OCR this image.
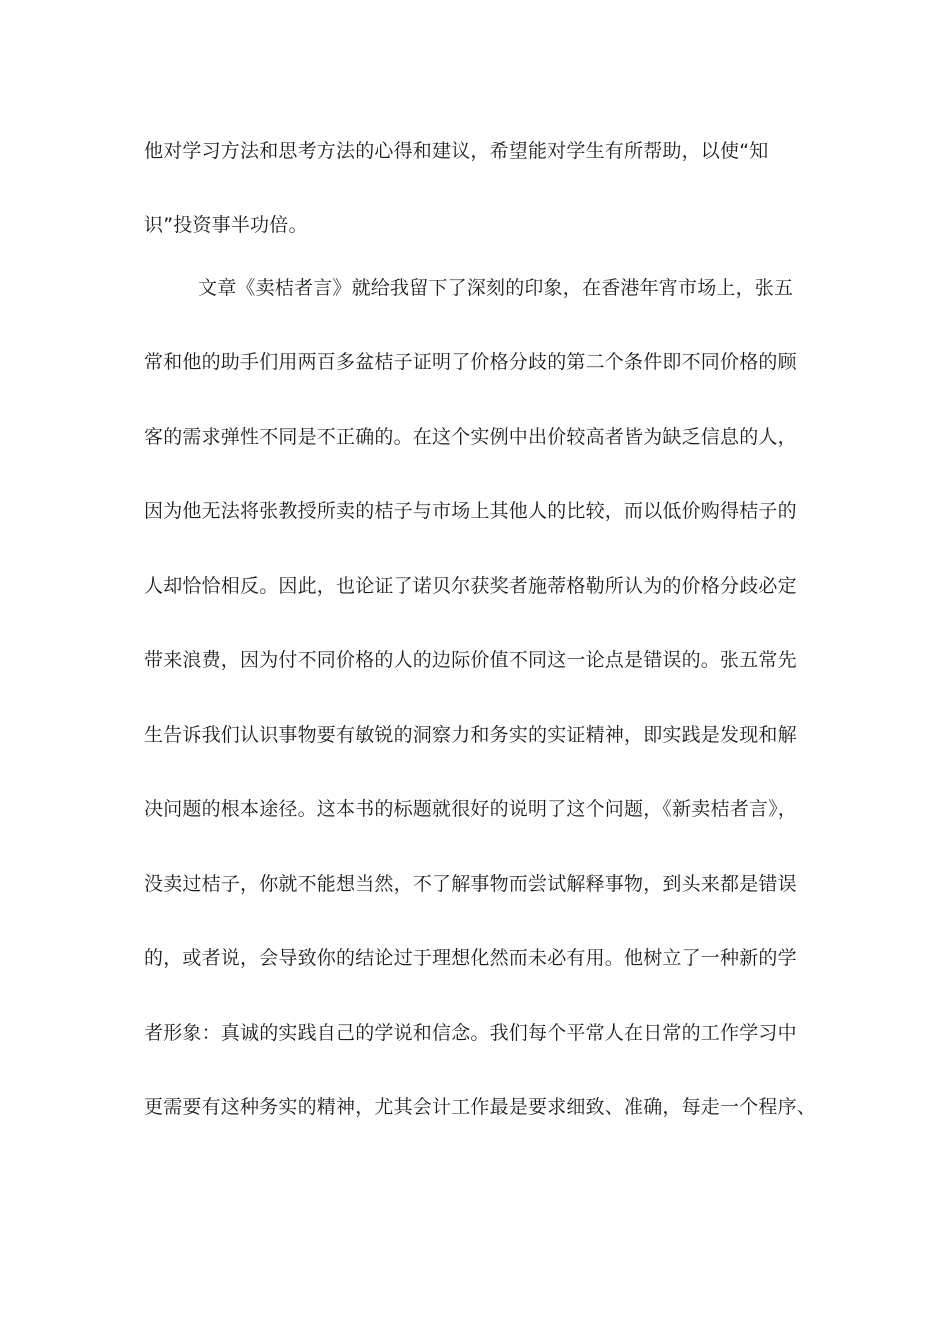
他对学习方法和思考方法的心得和建议，希望能对学生有所帮助，以使“知
识”投资事半功倍。
文章《卖桔者言》就给我留下了深刻的印象，在香港年宵市场上，张五
常和他的助手们用两百多盆桔子证明了价格分歧的第二个条件即不同价格的顾
客的需求弹性不同是不正确的。在这个实例中出价较高者皆为缺乏信息的人，
因为他无法将张教授所卖的桔子与市场上其他人的比较，而以低价购得桔子的
人却恰恰相反。因此，也论证了诺贝尔获奖者施蒂格勒所认为的价格分歧必定
带来浪费，因为付不同价格的人的边际价值不同这一论点是错误的。张五常先
生告诉我们认识事物要有敏锐的洞察力和务实的实证精神，即实践是发现和解
决问题的根本途径。这本书的标题就很好的说明了这个问题，《新卖桔者言》，
没卖过桔子，你就不能想当然，不了解事物而尝试解释事物，到头来都是错误
的，或者说，会导致你的结论过于理想化然而未必有用。他树立了一种新的学
者形象：真诚的实践自己的学说和信念。我们每个平常人在日常的工作学习中
更需要有这种务实的精神，尤其会计工作最是要求细致、准确，每走一个程序、
